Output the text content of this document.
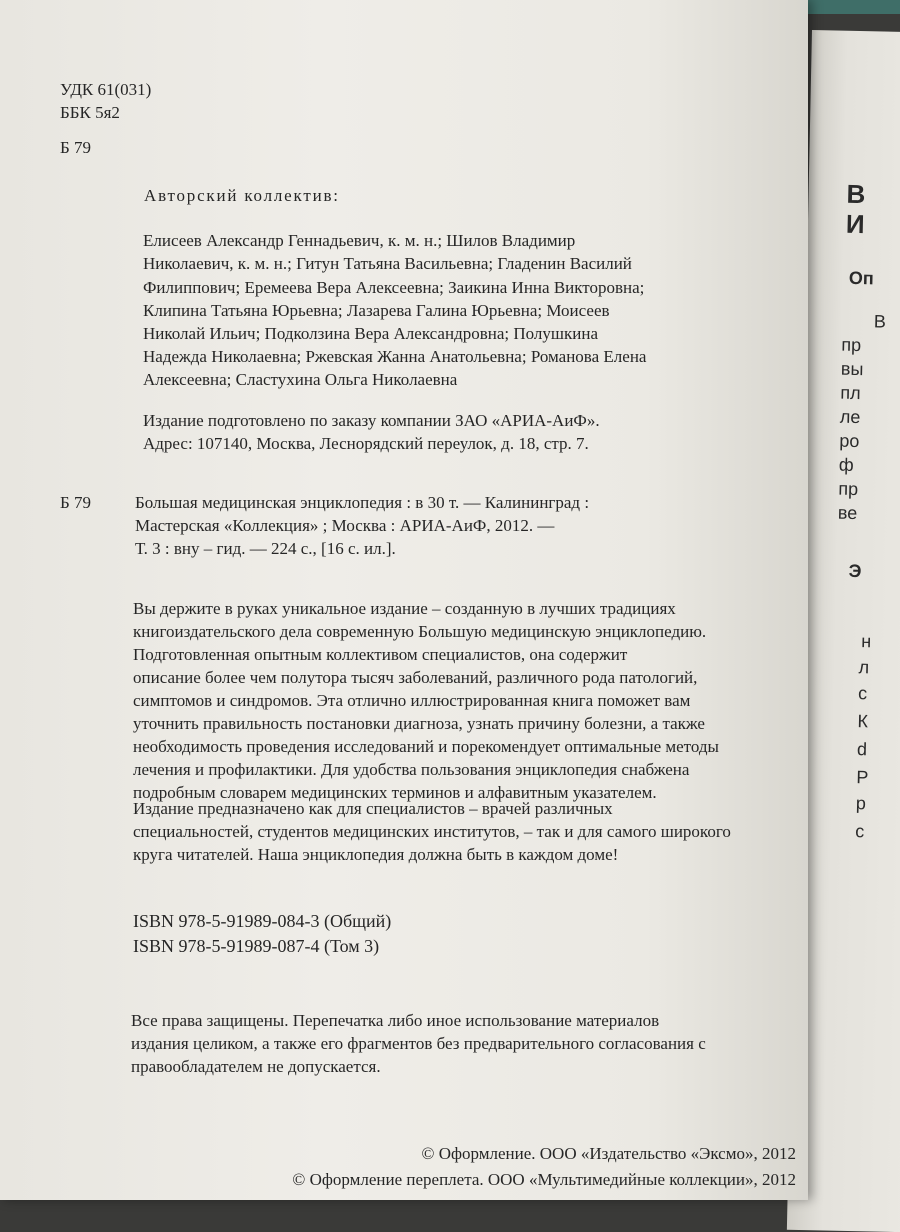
В
И
Оп
В
пр
вы
пл
ле
ро
ф
пр
ве
Э
н
л
с
К
d
Р
р
с
УДК 61(031)
ББК 5я2
Б 79
Авторский коллектив:
Елисеев Александр Геннадьевич, к. м. н.; Шилов Владимир
Николаевич, к. м. н.; Гитун Татьяна Васильевна; Гладенин Василий
Филиппович; Еремеева Вера Алексеевна; Заикина Инна Викторовна;
Клипина Татьяна Юрьевна; Лазарева Галина Юрьевна; Моисеев
Николай Ильич; Подколзина Вера Александровна; Полушкина
Надежда Николаевна; Ржевская Жанна Анатольевна; Романова Елена
Алексеевна; Сластухина Ольга Николаевна
Издание подготовлено по заказу компании ЗАО «АРИА-АиФ».
Адрес: 107140, Москва, Леснорядский переулок, д. 18, стр. 7.
Б 79	Большая медицинская энциклопедия : в 30 т. — Калининград :
Мастерская «Коллекция» ; Москва : АРИА-АиФ, 2012. —
Т. 3 : вну – гид. — 224 с., [16 с. ил.].
Вы держите в руках уникальное издание – созданную в лучших традициях
книгоиздательского дела современную Большую медицинскую энциклопедию.
Подготовленная опытным коллективом специалистов, она содержит
описание более чем полутора тысяч заболеваний, различного рода патологий,
симптомов и синдромов. Эта отлично иллюстрированная книга поможет вам
уточнить правильность постановки диагноза, узнать причину болезни, а также
необходимость проведения исследований и порекомендует оптимальные методы
лечения и профилактики. Для удобства пользования энциклопедия снабжена
подробным словарем медицинских терминов и алфавитным указателем.
Издание предназначено как для специалистов – врачей различных
специальностей, студентов медицинских институтов, – так и для самого широкого
круга читателей. Наша энциклопедия должна быть в каждом доме!
ISBN 978-5-91989-084-3 (Общий)
ISBN 978-5-91989-087-4 (Том 3)
Все права защищены. Перепечатка либо иное использование материалов
издания целиком, а также его фрагментов без предварительного согласования с
правообладателем не допускается.
© Оформление. ООО «Издательство «Эксмо», 2012
© Оформление переплета. ООО «Мультимедийные коллекции», 2012
